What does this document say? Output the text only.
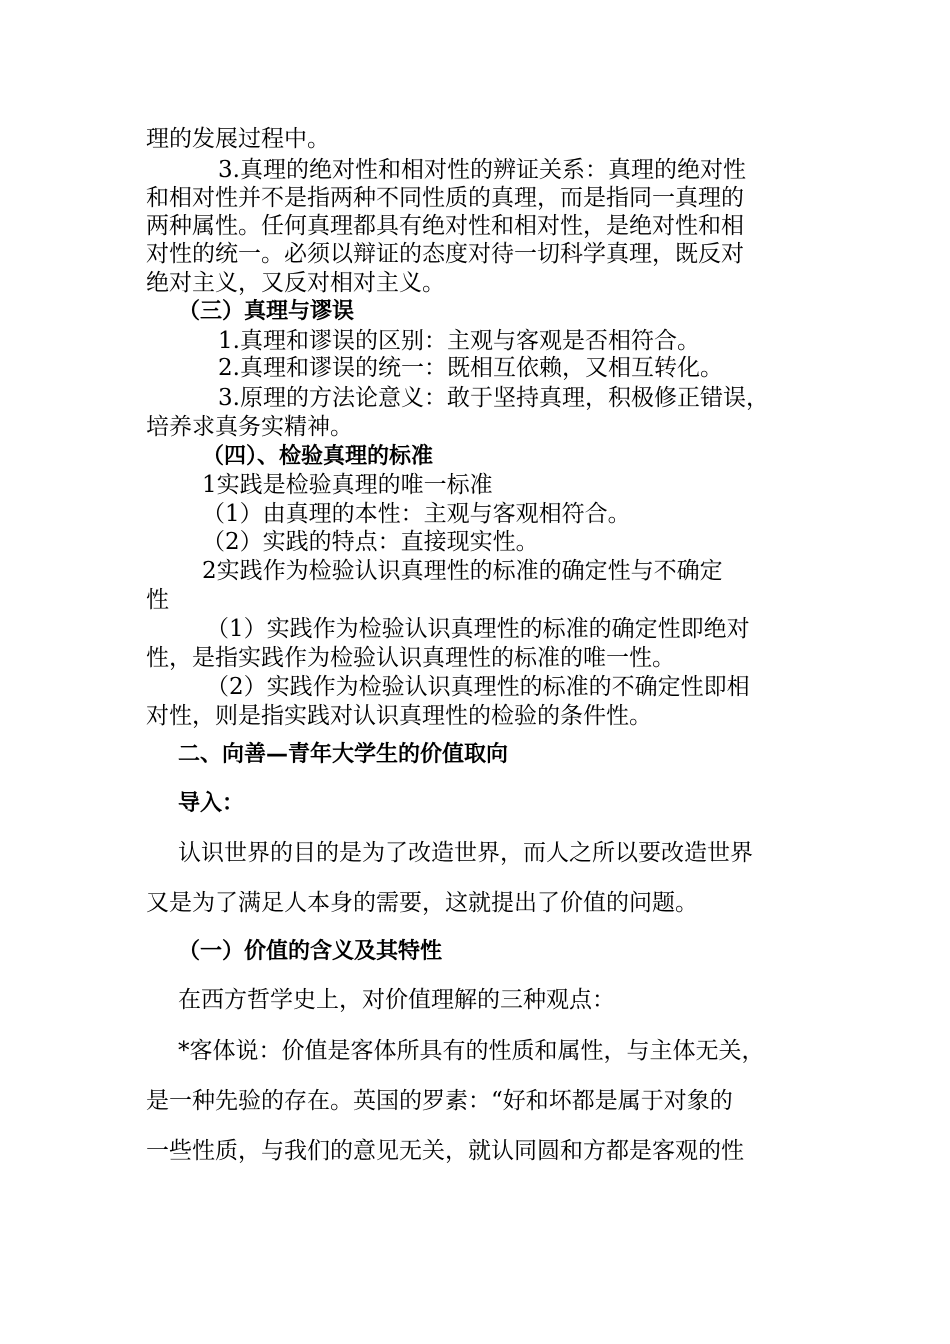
理的发展过程中。
3.真理的绝对性和相对性的辨证关系：真理的绝对性
和相对性并不是指两种不同性质的真理，而是指同一真理的
两种属性。任何真理都具有绝对性和相对性，是绝对性和相
对性的统一。必须以辩证的态度对待一切科学真理，既反对
绝对主义，又反对相对主义。
（三）真理与谬误
1.真理和谬误的区别：主观与客观是否相符合。
2.真理和谬误的统一：既相互依赖，又相互转化。
3.原理的方法论意义：敢于坚持真理，积极修正错误，
培养求真务实精神。
（四）、检验真理的标准
1实践是检验真理的唯一标准
（1）由真理的本性：主观与客观相符合。
（2）实践的特点：直接现实性。
2实践作为检验认识真理性的标准的确定性与不确定
性
（1）实践作为检验认识真理性的标准的确定性即绝对
性，是指实践作为检验认识真理性的标准的唯一性。
（2）实践作为检验认识真理性的标准的不确定性即相
对性，则是指实践对认识真理性的检验的条件性。
二、向善—青年大学生的价值取向
导入：
认识世界的目的是为了改造世界，而人之所以要改造世界
又是为了满足人本身的需要，这就提出了价值的问题。
（一）价值的含义及其特性
在西方哲学史上，对价值理解的三种观点：
*客体说：价值是客体所具有的性质和属性，与主体无关，
是一种先验的存在。英国的罗素：“好和坏都是属于对象的
一些性质，与我们的意见无关，就认同圆和方都是客观的性
